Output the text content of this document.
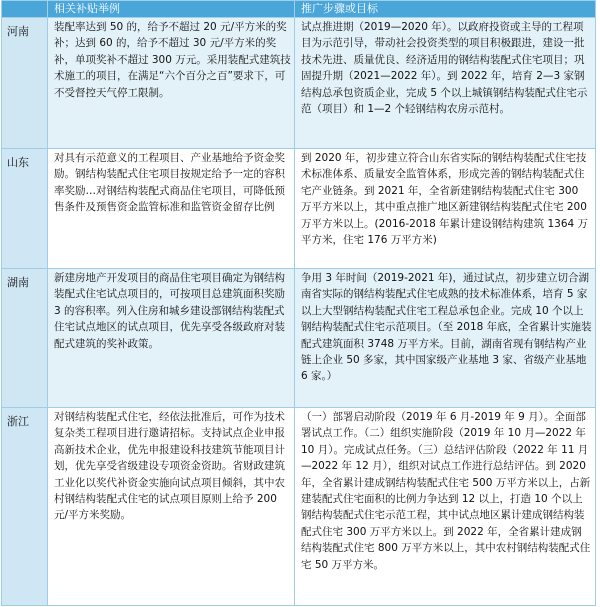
	相关补贴举例	推广步骤或目标
河南	装配率达到 50 的，给予不超过 20 元/平方米的奖补；达到 60 的，给予不超过 30 元/平方米的奖补，单项奖补不超过 300 万元。采用装配式建筑技术施工的项目，在满足“六个百分之百”要求下，可不受督控天气停工限制。	试点推进期（2019—2020 年）。以政府投资或主导的工程项目为示范引导，带动社会投资类型的项目积极跟进，建设一批技术先进、质量优良、经济适用的钢结构装配式住宅项目；巩固提升期（2021—2022 年）。到 2022 年，培育 2—3 家钢结构总承包资质企业，完成 5 个以上城镇钢结构装配式住宅示范（项目）和 1—2 个轻钢结构农房示范村。
山东	对具有示范意义的工程项目、产业基地给予资金奖励。钢结构装配式住宅项目按规定给予一定的容积率奖励…对钢结构装配式商品住宅项目，可降低预售条件及预售资金监管标准和监管资金留存比例	到 2020 年，初步建立符合山东省实际的钢结构装配式住宅技术标准体系、质量安全监管体系，形成完善的钢结构装配式住宅产业链条。到 2021 年，全省新建钢结构装配式住宅 300 万平方米以上，其中重点推广地区新建钢结构装配式住宅 200 万平方米以上。(2016-2018 年累计建设钢结构建筑 1364 万平方米，住宅 176 万平方米)
湖南	新建房地产开发项目的商品住宅项目确定为钢结构装配式住宅试点项目的，可按项目总建筑面积奖励 3 的容积率。列入住房和城乡建设部钢结构装配式住宅试点地区的试点项目，优先享受各级政府对装配式建筑的奖补政策。	争用 3 年时间（2019-2021 年)，通过试点，初步建立切合湖南省实际的钢结构装配式住宅成熟的技术标准体系，培育 5 家以上大型钢结构装配式住宅工程总承包企业。完成 10 个以上钢结构装配式住宅示范项目。（至 2018 年底，全省累计实施装配式建筑面积 3748 万平方米。目前，湖南省现有钢结构产业链上企业 50 多家，其中国家级产业基地 3 家、省级产业基地 6 家。）
浙江	对钢结构装配式住宅，经依法批准后，可作为技术复杂类工程项目进行邀请招标。支持试点企业申报高新技术企业，优先申报建设科技建筑节能项目计划，优先享受省级建设专项资金资助。省财政建筑工业化以奖代补资金实施向试点项目倾斜，其中农村钢结构装配式住宅的试点项目原则上给予 200 元/平方米奖励。	（一）部署启动阶段（2019 年 6 月-2019 年 9 月）。全面部署试点工作。（二）组织实施阶段（2019 年 10 月—2022 年 10 月）。完成试点任务。（三）总结评估阶段（2022 年 11 月—2022 年 12 月），组织对试点工作进行总结评估。到 2020 年，全省累计建成钢结构装配式住宅 500 万平方米以上，占新建装配式住宅面积的比例力争达到 12 以上，打造 10 个以上钢结构装配式住宅示范工程，其中试点地区累计建成钢结构装配式住宅 300 万平方米以上。到 2022 年，全省累计建成钢结构装配式住宅 800 万平方米以上，其中农村钢结构装配式住宅 50 万平方米。
